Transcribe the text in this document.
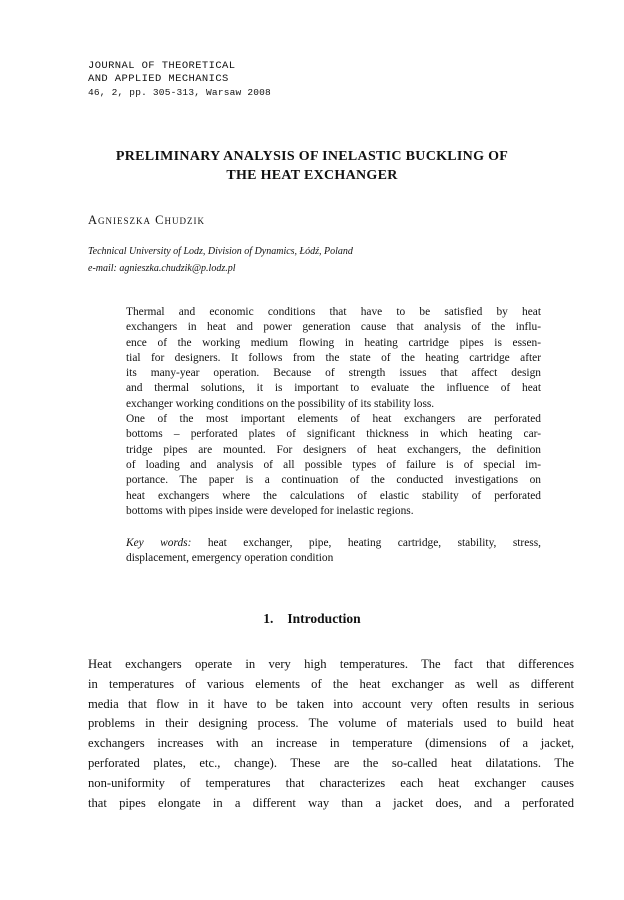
JOURNAL OF THEORETICAL
AND APPLIED MECHANICS
46, 2, pp. 305-313, Warsaw 2008
PRELIMINARY ANALYSIS OF INELASTIC BUCKLING OF
THE HEAT EXCHANGER
Agnieszka Chudzik
Technical University of Lodz, Division of Dynamics, Łódź, Poland
e-mail: agnieszka.chudzik@p.lodz.pl
Thermal and economic conditions that have to be satisfied by heat
exchangers in heat and power generation cause that analysis of the influ-
ence of the working medium flowing in heating cartridge pipes is essen-
tial for designers. It follows from the state of the heating cartridge after
its many-year operation. Because of strength issues that affect design
and thermal solutions, it is important to evaluate the influence of heat
exchanger working conditions on the possibility of its stability loss.
One of the most important elements of heat exchangers are perforated
bottoms – perforated plates of significant thickness in which heating car-
tridge pipes are mounted. For designers of heat exchangers, the definition
of loading and analysis of all possible types of failure is of special im-
portance. The paper is a continuation of the conducted investigations on
heat exchangers where the calculations of elastic stability of perforated
bottoms with pipes inside were developed for inelastic regions.
Key words: heat exchanger, pipe, heating cartridge, stability, stress,
displacement, emergency operation condition
1. Introduction
Heat exchangers operate in very high temperatures. The fact that differences
in temperatures of various elements of the heat exchanger as well as different
media that flow in it have to be taken into account very often results in serious
problems in their designing process. The volume of materials used to build heat
exchangers increases with an increase in temperature (dimensions of a jacket,
perforated plates, etc., change). These are the so-called heat dilatations. The
non-uniformity of temperatures that characterizes each heat exchanger causes
that pipes elongate in a different way than a jacket does, and a perforated
